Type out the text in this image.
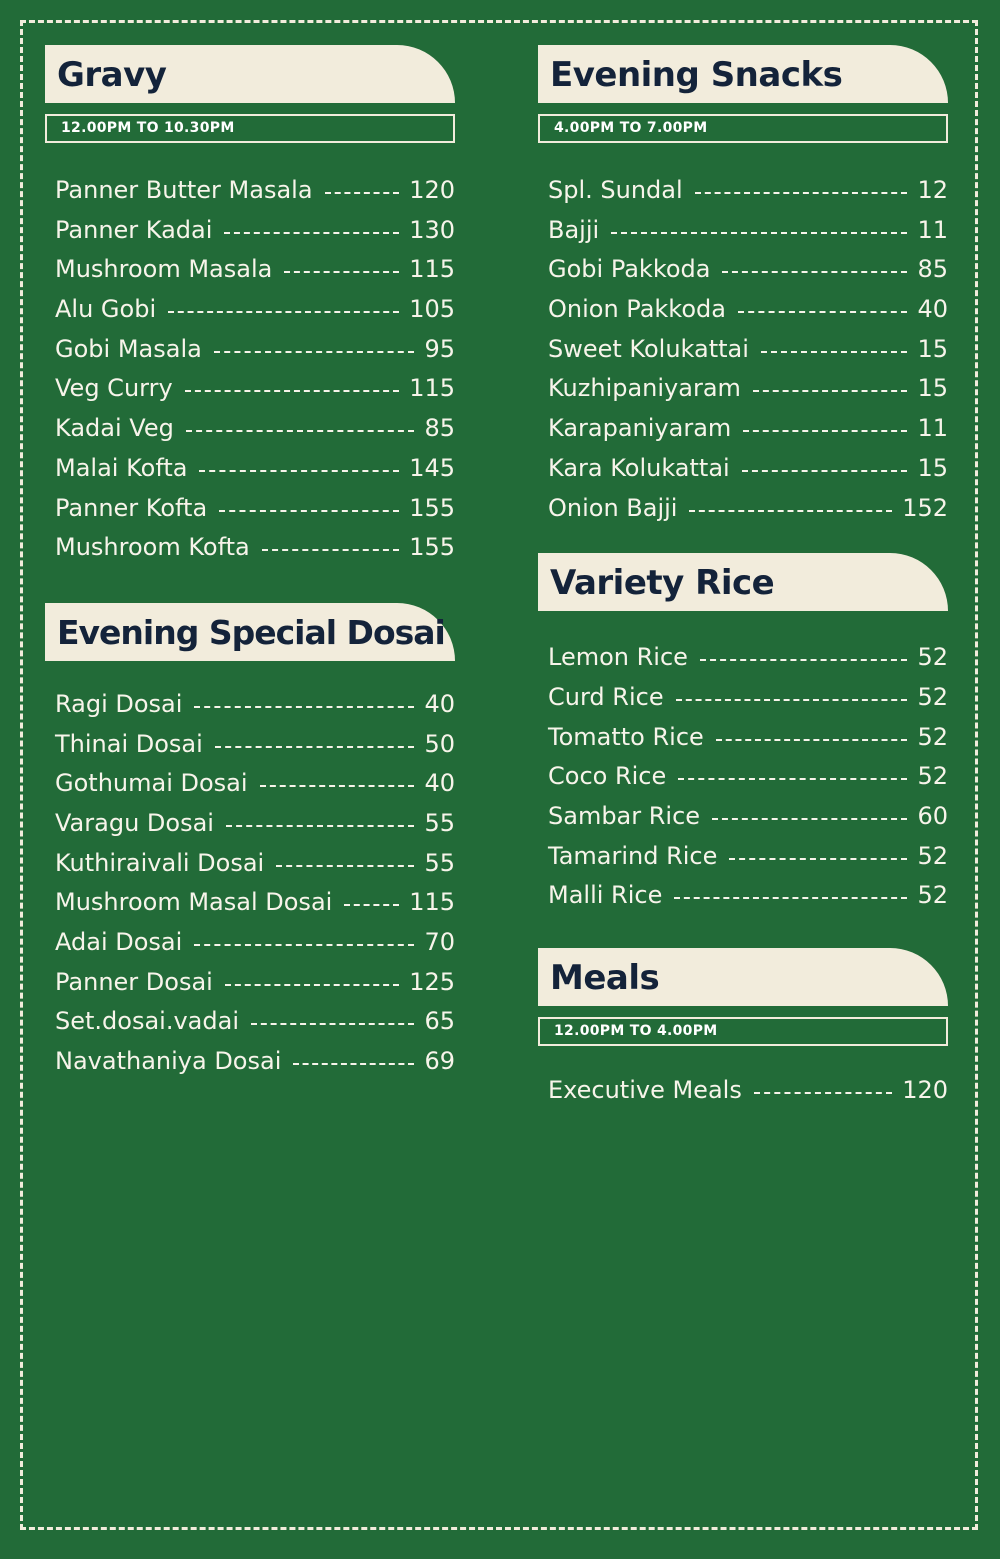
Gravy
12.00PM TO 10.30PM
Panner Butter Masala	120
Panner Kadai	130
Mushroom Masala	115
Alu Gobi	105
Gobi Masala	95
Veg Curry	115
Kadai Veg	85
Malai Kofta	145
Panner Kofta	155
Mushroom Kofta	155
Evening Special Dosai
Ragi Dosai	40
Thinai Dosai	50
Gothumai Dosai	40
Varagu Dosai	55
Kuthiraivali Dosai	55
Mushroom Masal Dosai	115
Adai Dosai	70
Panner Dosai	125
Set.dosai.vadai	65
Navathaniya Dosai	69
Evening Snacks
4.00PM TO 7.00PM
Spl. Sundal	12
Bajji	11
Gobi Pakkoda	85
Onion Pakkoda	40
Sweet Kolukattai	15
Kuzhipaniyaram	15
Karapaniyaram	11
Kara Kolukattai	15
Onion Bajji	152
Variety Rice
Lemon Rice	52
Curd Rice	52
Tomatto Rice	52
Coco Rice	52
Sambar Rice	60
Tamarind Rice	52
Malli Rice	52
Meals
12.00PM TO 4.00PM
Executive Meals	120
